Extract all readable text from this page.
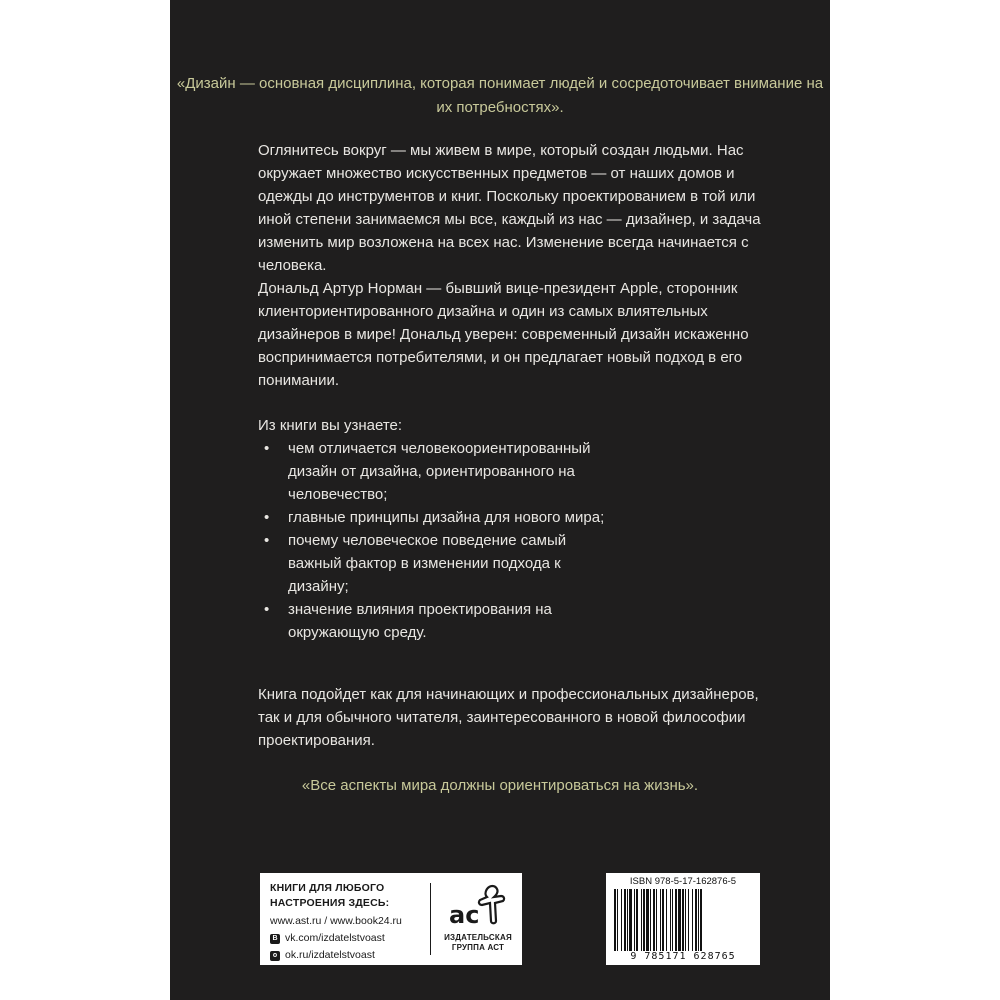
«Дизайн — основная дисциплина, которая понимает людей и сосредоточивает внимание на их потребностях».

Оглянитесь вокруг — мы живем в мире, который создан людьми. Нас окружает множество искусственных предметов — от наших домов и одежды до инструментов и книг. Поскольку проектированием в той или иной степени занимаемся мы все, каждый из нас — дизайнер, и задача изменить мир возложена на всех нас. Изменение всегда начинается с человека.

Дональд Артур Норман — бывший вице-президент Apple, сторонник клиенториентированного дизайна и один из самых влиятельных дизайнеров в мире! Дональд уверен: современный дизайн искаженно воспринимается потребителями, и он предлагает новый подход в его понимании.

Из книги вы узнаете:

• чем отличается человекоориентированный дизайн от дизайна, ориентированного на человечество;
• главные принципы дизайна для нового мира;
• почему человеческое поведение самый важный фактор в изменении подхода к дизайну;
• значение влияния проектирования на окружающую среду.

Книга подойдет как для начинающих и профессиональных дизайнеров, так и для обычного читателя, заинтересованного в новой философии проектирования.

«Все аспекты мира должны ориентироваться на жизнь».

КНИГИ ДЛЯ ЛЮБОГО

НАСТРОЕНИЯ ЗДЕСЬ:

www.ast.ru / www.book24.ru
B vk.com/izdatelstvoast
o ok.ru/izdatelstvoast
ac
ИЗДАТЕЛЬСКАЯ
ГРУППА АСТ
ISBN 978-5-17-162876-5
9 785171 628765
